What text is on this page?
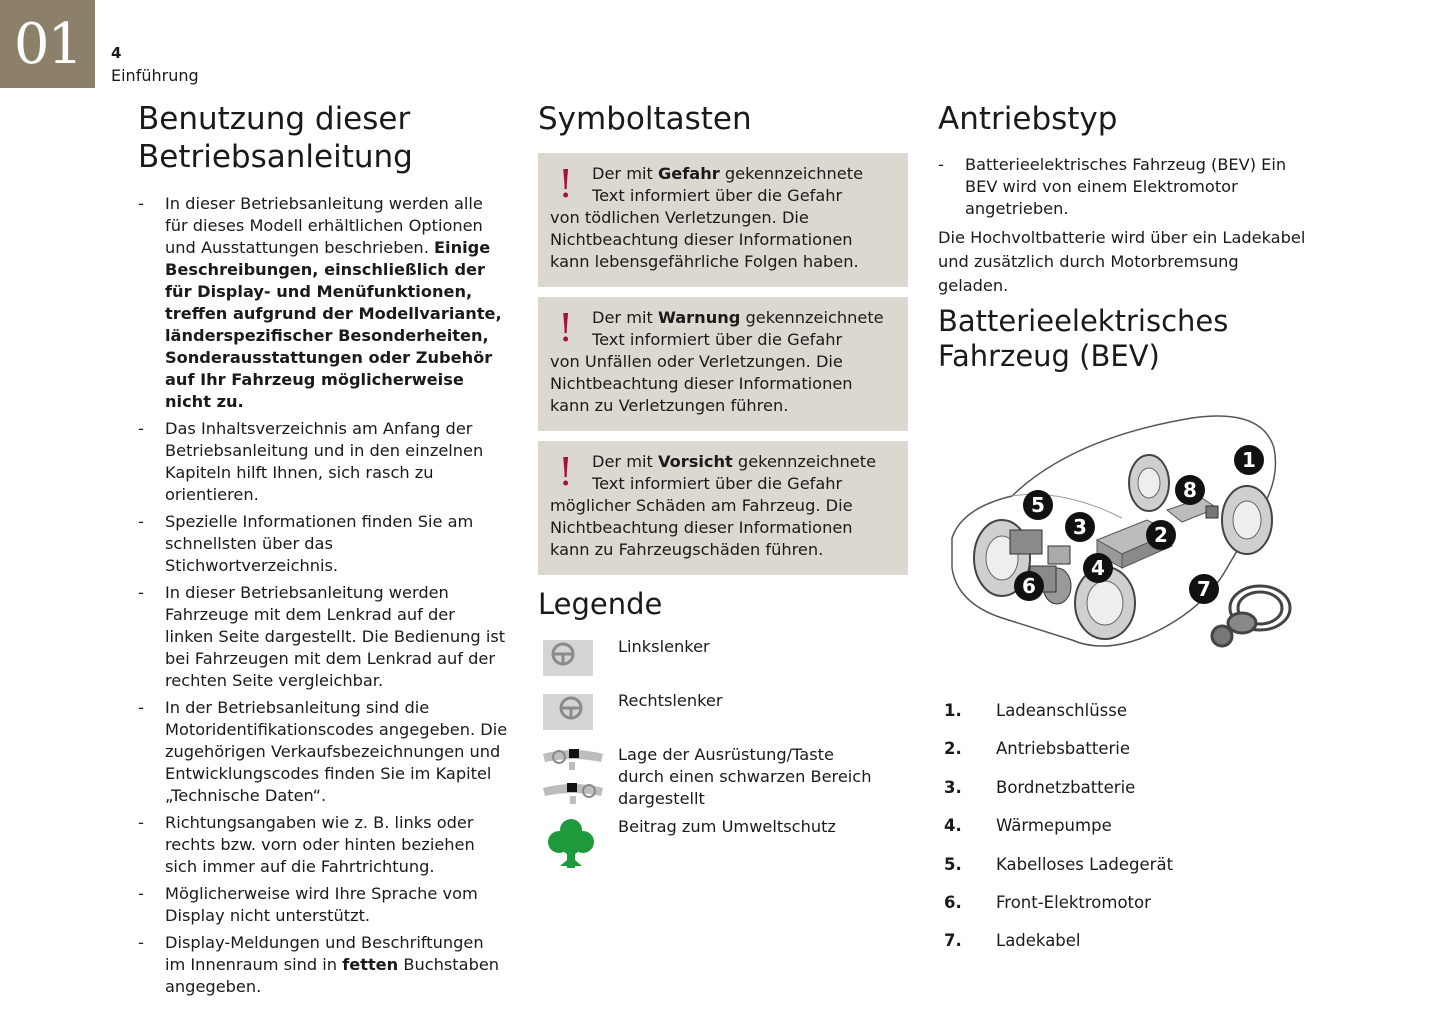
01 4
Einführung
Benutzung dieser
Betriebsanleitung
- In dieser Betriebsanleitung werden alle für dieses Modell erhältlichen Optionen und Ausstattungen beschrieben. Einige Beschreibungen, einschließlich der für Display- und Menüfunktionen, treffen aufgrund der Modellvariante, länderspezifischer Besonderheiten, Sonderausstattungen oder Zubehör auf Ihr Fahrzeug möglicherweise nicht zu.
- Das Inhaltsverzeichnis am Anfang der Betriebsanleitung und in den einzelnen Kapiteln hilft Ihnen, sich rasch zu orientieren.
- Spezielle Informationen finden Sie am schnellsten über das Stichwortverzeichnis.
- In dieser Betriebsanleitung werden Fahrzeuge mit dem Lenkrad auf der linken Seite dargestellt. Die Bedienung ist bei Fahrzeugen mit dem Lenkrad auf der rechten Seite vergleichbar.
- In der Betriebsanleitung sind die Motoridentifikationscodes angegeben. Die zugehörigen Verkaufsbezeichnungen und Entwicklungscodes finden Sie im Kapitel „Technische Daten“.
- Richtungsangaben wie z. B. links oder rechts bzw. vorn oder hinten beziehen sich immer auf die Fahrtrichtung.
- Möglicherweise wird Ihre Sprache vom Display nicht unterstützt.
- Display-Meldungen und Beschriftungen im Innenraum sind in fetten Buchstaben angegeben.
Symboltasten
!	Der mit Gefahr gekennzeichnete
Text informiert über die Gefahr
von tödlichen Verletzungen. Die Nichtbeachtung dieser Informationen kann lebensgefährliche Folgen haben.
!	Der mit Warnung gekennzeichnete
Text informiert über die Gefahr
von Unfällen oder Verletzungen. Die Nichtbeachtung dieser Informationen kann zu Verletzungen führen.
!	Der mit Vorsicht gekennzeichnete
Text informiert über die Gefahr
möglicher Schäden am Fahrzeug. Die Nichtbeachtung dieser Informationen kann zu Fahrzeugschäden führen.
Legende
Linkslenker
Rechtslenker
Lage der Ausrüstung/Taste durch einen schwarzen Bereich dargestellt
Beitrag zum Umweltschutz
Antriebstyp
- Batterieelektrisches Fahrzeug (BEV) Ein BEV wird von einem Elektromotor angetrieben.

Die Hochvoltbatterie wird über ein Ladekabel und zusätzlich durch Motorbremsung geladen.

Batterieelektrisches
Fahrzeug (BEV)
1
2
3
4
5
6	7
8
1. Ladeanschlüsse
2. Antriebsbatterie
3. Bordnetzbatterie
4. Wärmepumpe
5. Kabelloses Ladegerät
6. Front-Elektromotor
7. Ladekabel
